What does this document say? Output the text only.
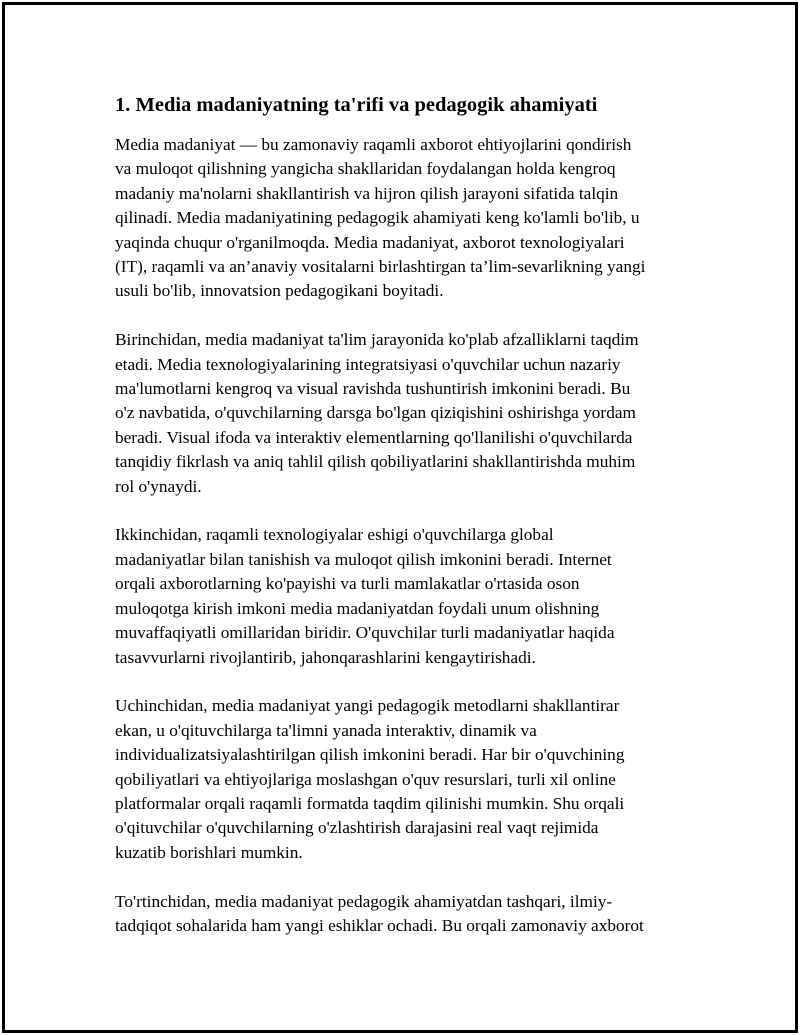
1. Media madaniyatning ta'rifi va pedagogik ahamiyati
Media madaniyat — bu zamonaviy raqamli axborot ehtiyojlarini qondirish
va muloqot qilishning yangicha shakllaridan foydalangan holda kengroq
madaniy ma'nolarni shakllantirish va hijron qilish jarayoni sifatida talqin
qilinadi. Media madaniyatining pedagogik ahamiyati keng ko'lamli bo'lib, u
yaqinda chuqur o'rganilmoqda. Media madaniyat, axborot texnologiyalari
(IT), raqamli va an’anaviy vositalarni birlashtirgan ta’lim-sevarlikning yangi
usuli bo'lib, innovatsion pedagogikani boyitadi.
Birinchidan, media madaniyat ta'lim jarayonida ko'plab afzalliklarni taqdim
etadi. Media texnologiyalarining integratsiyasi o'quvchilar uchun nazariy
ma'lumotlarni kengroq va visual ravishda tushuntirish imkonini beradi. Bu
o'z navbatida, o'quvchilarning darsga bo'lgan qiziqishini oshirishga yordam
beradi. Visual ifoda va interaktiv elementlarning qo'llanilishi o'quvchilarda
tanqidiy fikrlash va aniq tahlil qilish qobiliyatlarini shakllantirishda muhim
rol o'ynaydi.
Ikkinchidan, raqamli texnologiyalar eshigi o'quvchilarga global
madaniyatlar bilan tanishish va muloqot qilish imkonini beradi. Internet
orqali axborotlarning ko'payishi va turli mamlakatlar o'rtasida oson
muloqotga kirish imkoni media madaniyatdan foydali unum olishning
muvaffaqiyatli omillaridan biridir. O'quvchilar turli madaniyatlar haqida
tasavvurlarni rivojlantirib, jahonqarashlarini kengaytirishadi.
Uchinchidan, media madaniyat yangi pedagogik metodlarni shakllantirar
ekan, u o'qituvchilarga ta'limni yanada interaktiv, dinamik va
individualizatsiyalashtirilgan qilish imkonini beradi. Har bir o'quvchining
qobiliyatlari va ehtiyojlariga moslashgan o'quv resurslari, turli xil online
platformalar orqali raqamli formatda taqdim qilinishi mumkin. Shu orqali
o'qituvchilar o'quvchilarning o'zlashtirish darajasini real vaqt rejimida
kuzatib borishlari mumkin.
To'rtinchidan, media madaniyat pedagogik ahamiyatdan tashqari, ilmiy-
tadqiqot sohalarida ham yangi eshiklar ochadi. Bu orqali zamonaviy axborot
